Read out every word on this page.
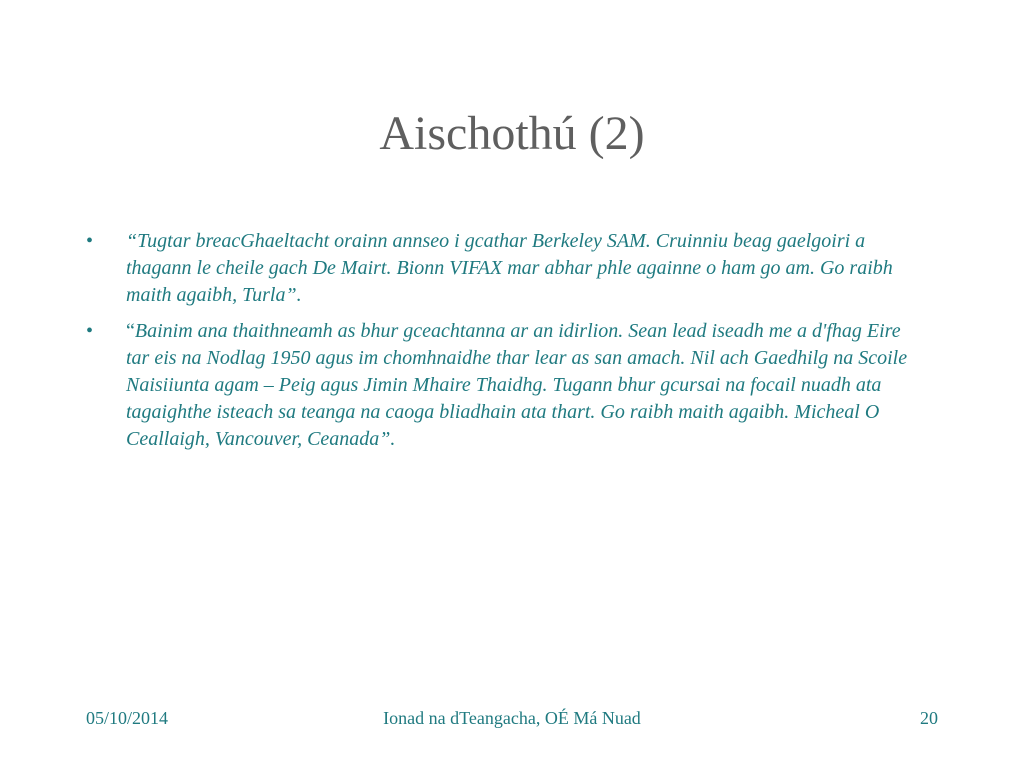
Aischothú (2)
• “Tugtar breacGhaeltacht orainn annseo i gcathar Berkeley SAM. Cruinniu beag gaelgoiri a thagann le cheile gach De Mairt. Bionn VIFAX mar abhar phle againne o ham go am. Go raibh maith agaibh, Turla”.
• “Bainim ana thaithneamh as bhur gceachtanna ar an idirlion. Sean lead iseadh me a d'fhag Eire tar eis na Nodlag 1950 agus im chomhnaidhe thar lear as san amach. Nil ach Gaedhilg na Scoile Naisiiunta agam – Peig agus Jimin Mhaire Thaidhg. Tugann bhur gcursai na focail nuadh ata tagaighthe isteach sa teanga na caoga bliadhain ata thart. Go raibh maith agaibh. Micheal O Ceallaigh, Vancouver, Ceanada”.
05/10/2014	Ionad na dTeangacha, OÉ Má Nuad	20
